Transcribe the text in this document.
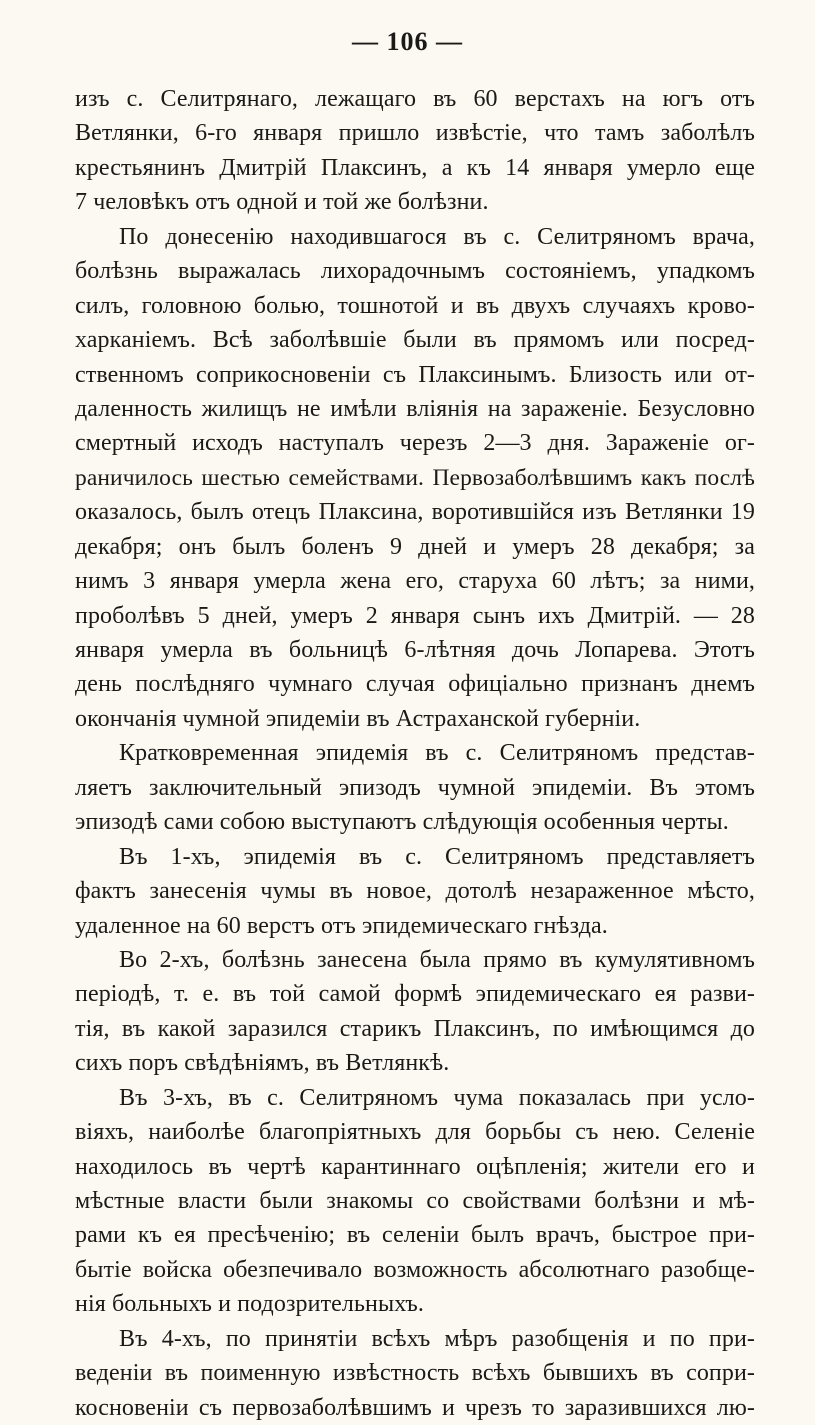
— 106 —
изъ с. Селитрянаго, лежащаго въ 60 верстахъ на югъ отъ
Ветлянки, 6-го января пришло извѣстіе, что тамъ заболѣлъ
крестьянинъ Дмитрій Плаксинъ, а къ 14 января умерло еще
7 человѣкъ отъ одной и той же болѣзни.
По донесенію находившагося въ с. Селитряномъ врача,
болѣзнь выражалась лихорадочнымъ состояніемъ, упадкомъ
силъ, головною болью, тошнотой и въ двухъ случаяхъ крово-
харканіемъ. Всѣ заболѣвшіе были въ прямомъ или посред-
ственномъ соприкосновеніи съ Плаксинымъ. Близость или от-
даленность жилищъ не имѣли вліянія на зараженіе. Безусловно
смертный исходъ наступалъ черезъ 2—3 дня. Зараженіе ог-
раничилось шестью семействами. Первозаболѣвшимъ какъ послѣ
оказалось, былъ отецъ Плаксина, воротившійся изъ Ветлянки 19
декабря; онъ былъ боленъ 9 дней и умеръ 28 декабря; за
нимъ 3 января умерла жена его, старуха 60 лѣтъ; за ними,
проболѣвъ 5 дней, умеръ 2 января сынъ ихъ Дмитрій. — 28
января умерла въ больницѣ 6-лѣтняя дочь Лопарева. Этотъ
день послѣдняго чумнаго случая офиціально признанъ днемъ
окончанія чумной эпидеміи въ Астраханской губерніи.
Кратковременная эпидемія въ с. Селитряномъ представ-
ляетъ заключительный эпизодъ чумной эпидеміи. Въ этомъ
эпизодѣ сами собою выступаютъ слѣдующія особенныя черты.
Въ 1-хъ, эпидемія въ с. Селитряномъ представляетъ
фактъ занесенія чумы въ новое, дотолѣ незараженное мѣсто,
удаленное на 60 верстъ отъ эпидемическаго гнѣзда.
Во 2-хъ, болѣзнь занесена была прямо въ кумулятивномъ
періодѣ, т. е. въ той самой формѣ эпидемическаго ея разви-
тія, въ какой заразился старикъ Плаксинъ, по имѣющимся до
сихъ поръ свѣдѣніямъ, въ Ветлянкѣ.
Въ 3-хъ, въ с. Селитряномъ чума показалась при усло-
віяхъ, наиболѣе благопріятныхъ для борьбы съ нею. Селеніе
находилось въ чертѣ карантиннаго оцѣпленія; жители его и
мѣстные власти были знакомы со свойствами болѣзни и мѣ-
рами къ ея пресѣченію; въ селеніи былъ врачъ, быстрое при-
бытіе войска обезпечивало возможность абсолютнаго разобще-
нія больныхъ и подозрительныхъ.
Въ 4-хъ, по принятіи всѣхъ мѣръ разобщенія и по при-
веденіи въ поименную извѣстность всѣхъ бывшихъ въ сопри-
косновеніи съ первозаболѣвшимъ и чрезъ то заразившихся лю-
